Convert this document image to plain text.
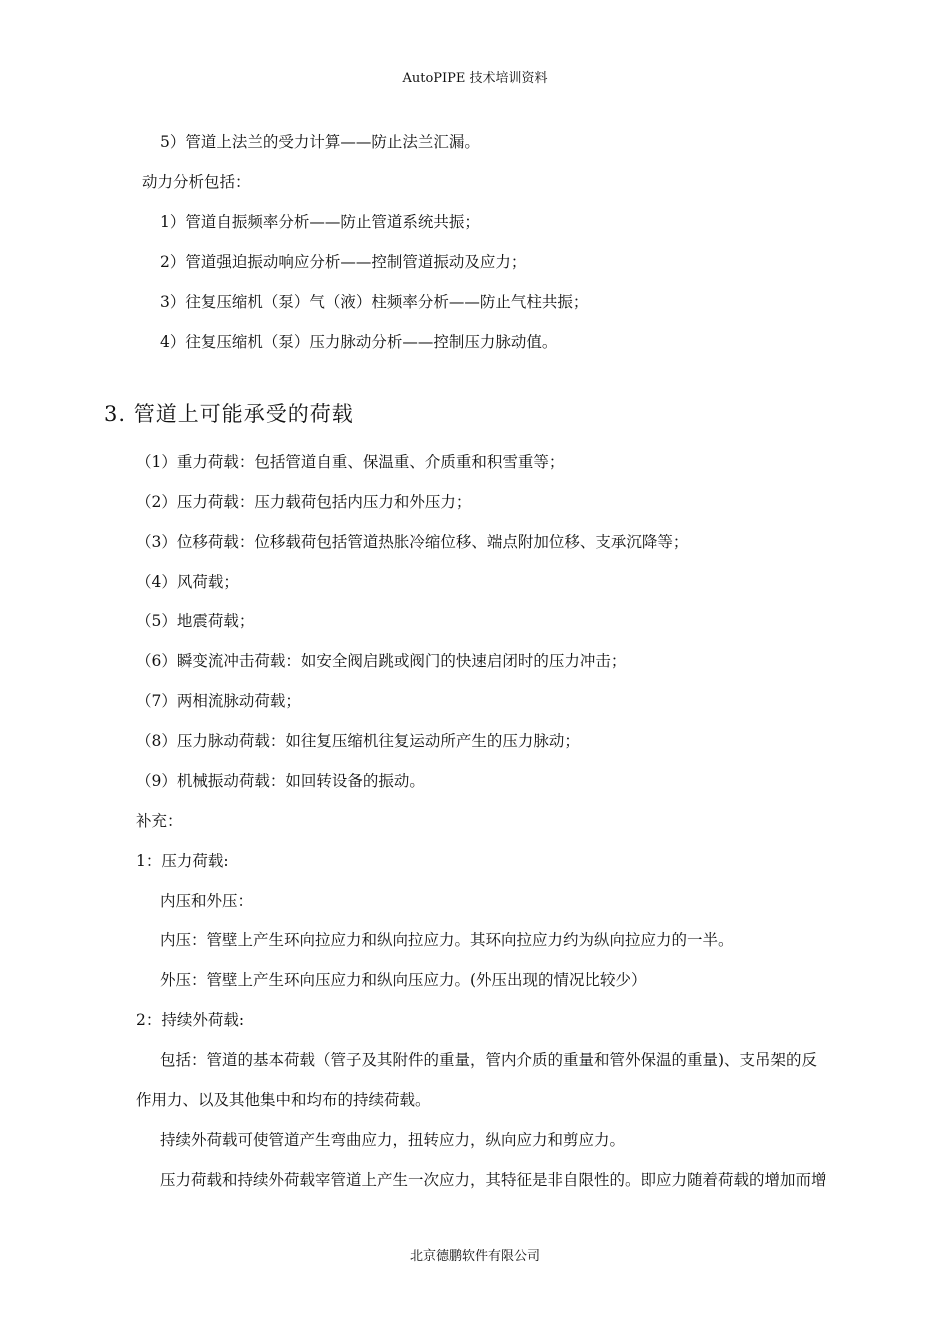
AutoPIPE 技术培训资料
5）管道上法兰的受力计算——防止法兰汇漏。
动力分析包括：
1）管道自振频率分析——防止管道系统共振；
2）管道强迫振动响应分析——控制管道振动及应力；
3）往复压缩机（泵）气（液）柱频率分析——防止气柱共振；
4）往复压缩机（泵）压力脉动分析——控制压力脉动值。
3. 管道上可能承受的荷载
（1）重力荷载：包括管道自重、保温重、介质重和积雪重等；
（2）压力荷载：压力载荷包括内压力和外压力；
（3）位移荷载：位移载荷包括管道热胀冷缩位移、端点附加位移、支承沉降等；
（4）风荷载；
（5）地震荷载；
（6）瞬变流冲击荷载：如安全阀启跳或阀门的快速启闭时的压力冲击；
（7）两相流脉动荷载；
（8）压力脉动荷载：如往复压缩机往复运动所产生的压力脉动；
（9）机械振动荷载：如回转设备的振动。
补充：
1：压力荷载:
内压和外压：
内压：管壁上产生环向拉应力和纵向拉应力。其环向拉应力约为纵向拉应力的一半。
外压：管壁上产生环向压应力和纵向压应力。(外压出现的情况比较少）
2：持续外荷载:
包括：管道的基本荷载（管子及其附件的重量，管内介质的重量和管外保温的重量)、支吊架的反
作用力、以及其他集中和均布的持续荷载。
持续外荷载可使管道产生弯曲应力，扭转应力，纵向应力和剪应力。
压力荷载和持续外荷载宰管道上产生一次应力，其特征是非自限性的。即应力随着荷载的增加而增
北京德鹏软件有限公司
